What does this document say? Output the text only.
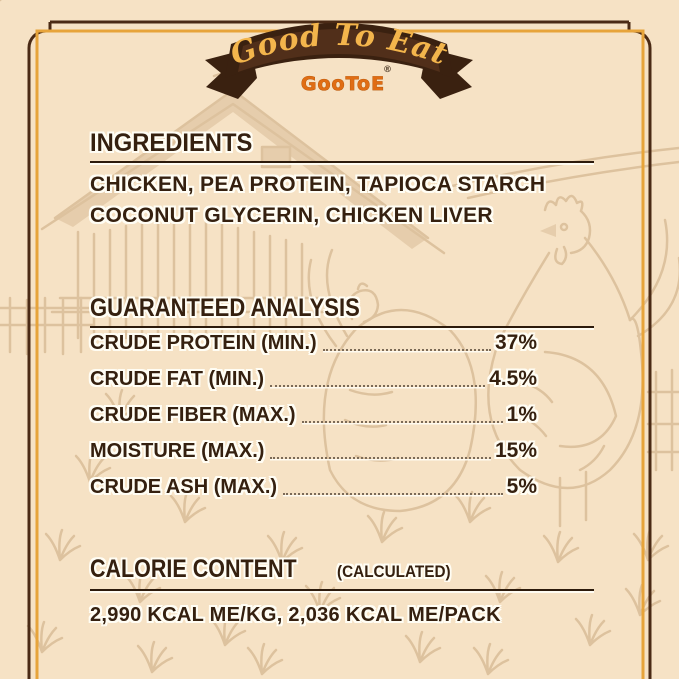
Good To Eat
GooToE
®
INGREDIENTS
CHICKEN, PEA PROTEIN, TAPIOCA STARCH
COCONUT GLYCERIN, CHICKEN LIVER
GUARANTEED ANALYSIS
CRUDE PROTEIN (MIN.)	37%
CRUDE FAT (MIN.)	4.5%
CRUDE FIBER (MAX.)	1%
MOISTURE (MAX.)	15%
CRUDE ASH (MAX.)	5%
CALORIE CONTENT (CALCULATED)
2,990 KCAL ME/KG, 2,036 KCAL ME/PACK
